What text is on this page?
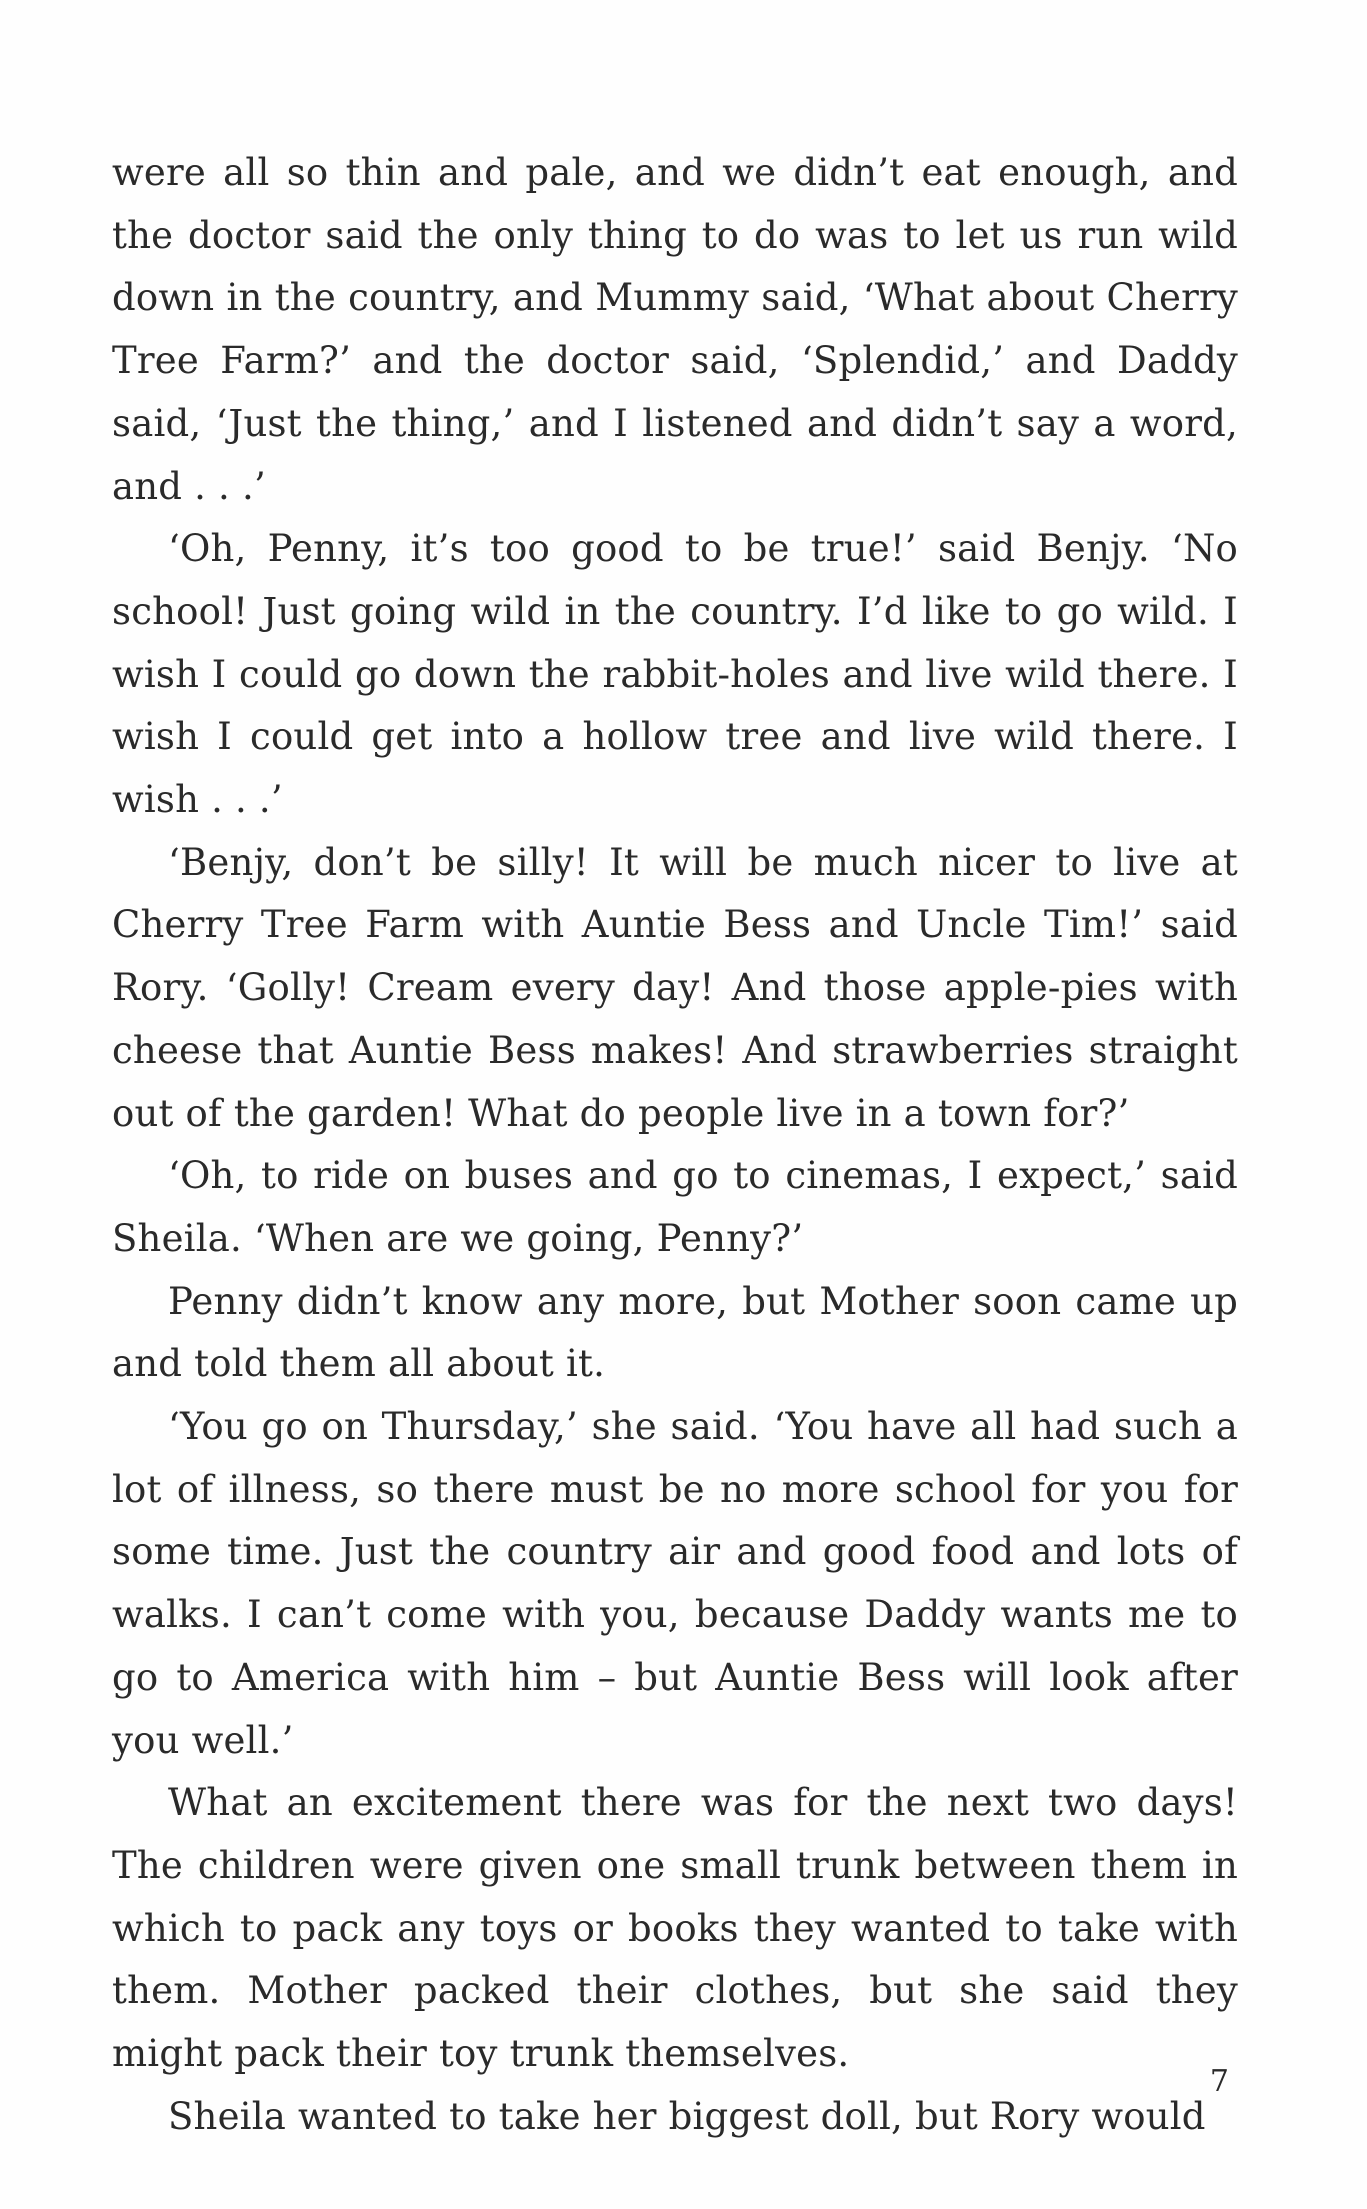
were all so thin and pale, and we didn’t eat enough, and the doctor said the only thing to do was to let us run wild down in the country, and Mummy said, ‘What about Cherry Tree Farm?’ and the doctor said, ‘Splendid,’ and Daddy said, ‘Just the thing,’ and I listened and didn’t say a word, and . . .’

‘Oh, Penny, it’s too good to be true!’ said Benjy. ‘No school! Just going wild in the country. I’d like to go wild. I wish I could go down the rabbit-holes and live wild there. I wish I could get into a hollow tree and live wild there. I wish . . .’

‘Benjy, don’t be silly! It will be much nicer to live at Cherry Tree Farm with Auntie Bess and Uncle Tim!’ said Rory. ‘Golly! Cream every day! And those apple-pies with cheese that Auntie Bess makes! And strawberries straight out of the garden! What do people live in a town for?’

‘Oh, to ride on buses and go to cinemas, I expect,’ said Sheila. ‘When are we going, Penny?’

Penny didn’t know any more, but Mother soon came up and told them all about it.

‘You go on Thursday,’ she said. ‘You have all had such a lot of illness, so there must be no more school for you for some time. Just the country air and good food and lots of walks. I can’t come with you, because Daddy wants me to go to America with him – but Auntie Bess will look after you well.’

What an excitement there was for the next two days! The children were given one small trunk between them in which to pack any toys or books they wanted to take with them. Mother packed their clothes, but she said they might pack their toy trunk themselves.

Sheila wanted to take her biggest doll, but Rory would

7
